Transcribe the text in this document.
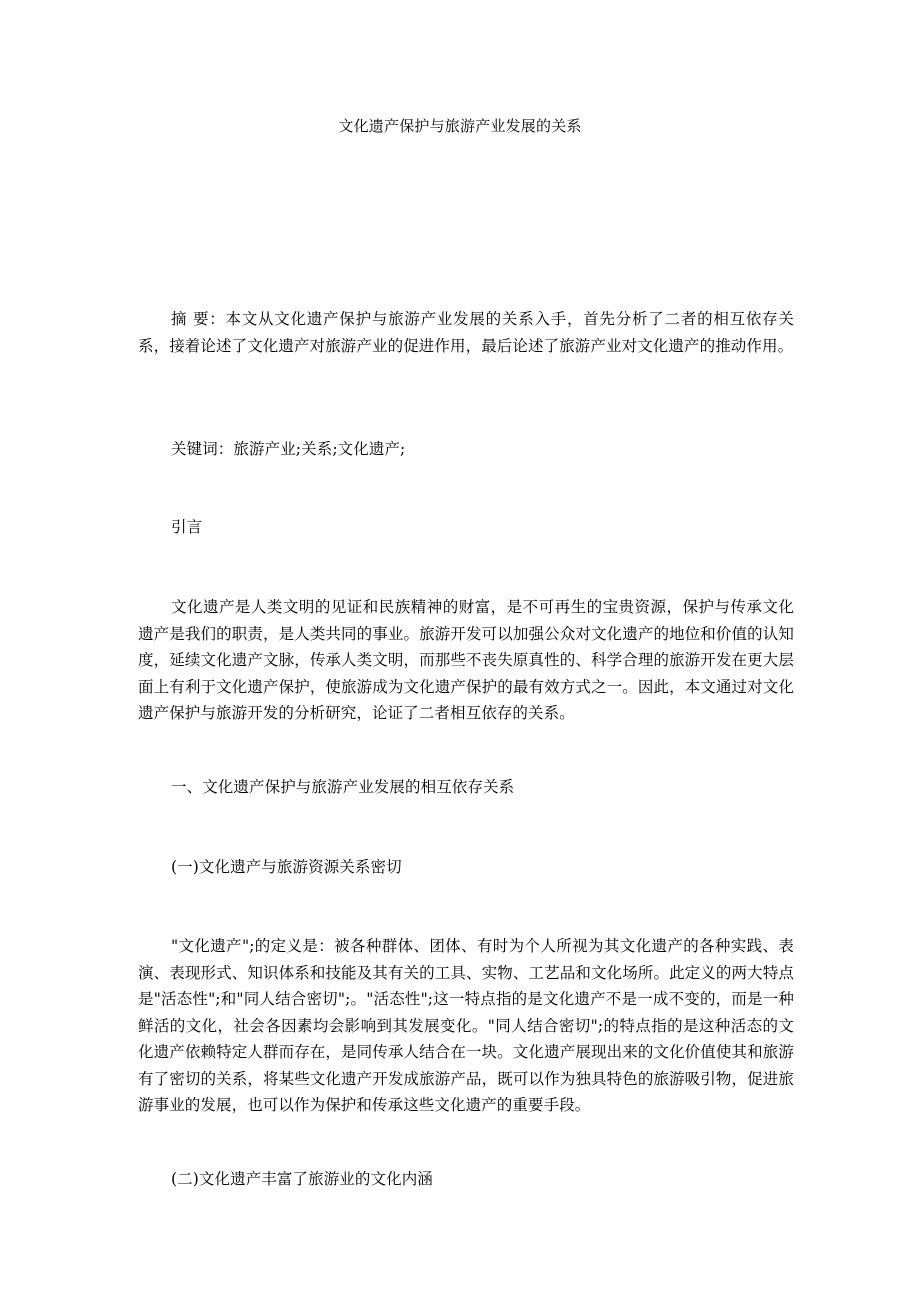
文化遗产保护与旅游产业发展的关系
摘 要：本文从文化遗产保护与旅游产业发展的关系入手，首先分析了二者的相互依存关系，接着论述了文化遗产对旅游产业的促进作用，最后论述了旅游产业对文化遗产的推动作用。
关键词：旅游产业;关系;文化遗产;
引言
文化遗产是人类文明的见证和民族精神的财富，是不可再生的宝贵资源，保护与传承文化遗产是我们的职责，是人类共同的事业。旅游开发可以加强公众对文化遗产的地位和价值的认知度，延续文化遗产文脉，传承人类文明，而那些不丧失原真性的、科学合理的旅游开发在更大层面上有利于文化遗产保护，使旅游成为文化遗产保护的最有效方式之一。因此，本文通过对文化遗产保护与旅游开发的分析研究，论证了二者相互依存的关系。
一、文化遗产保护与旅游产业发展的相互依存关系
(一)文化遗产与旅游资源关系密切
"文化遗产";的定义是：被各种群体、团体、有时为个人所视为其文化遗产的各种实践、表演、表现形式、知识体系和技能及其有关的工具、实物、工艺品和文化场所。此定义的两大特点是"活态性";和"同人结合密切";。"活态性";这一特点指的是文化遗产不是一成不变的，而是一种鲜活的文化，社会各因素均会影响到其发展变化。"同人结合密切";的特点指的是这种活态的文化遗产依赖特定人群而存在，是同传承人结合在一块。文化遗产展现出来的文化价值使其和旅游有了密切的关系，将某些文化遗产开发成旅游产品，既可以作为独具特色的旅游吸引物，促进旅游事业的发展，也可以作为保护和传承这些文化遗产的重要手段。
(二)文化遗产丰富了旅游业的文化内涵
